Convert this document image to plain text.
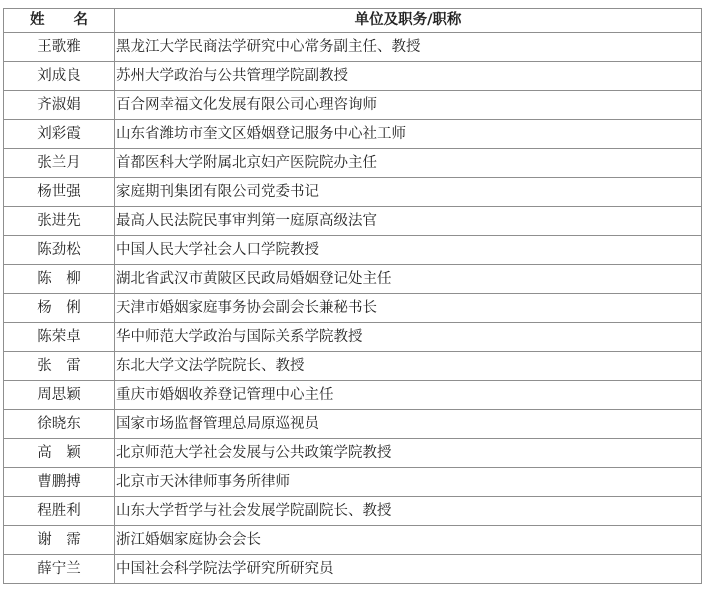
姓　　名	单位及职务/职称
王歌雅	黑龙江大学民商法学研究中心常务副主任、教授
刘成良	苏州大学政治与公共管理学院副教授
齐淑娟	百合网幸福文化发展有限公司心理咨询师
刘彩霞	山东省潍坊市奎文区婚姻登记服务中心社工师
张兰月	首都医科大学附属北京妇产医院院办主任
杨世强	家庭期刊集团有限公司党委书记
张进先	最高人民法院民事审判第一庭原高级法官
陈劲松	中国人民大学社会人口学院教授
陈　柳	湖北省武汉市黄陂区民政局婚姻登记处主任
杨　俐	天津市婚姻家庭事务协会副会长兼秘书长
陈荣卓	华中师范大学政治与国际关系学院教授
张　雷	东北大学文法学院院长、教授
周思颖	重庆市婚姻收养登记管理中心主任
徐晓东	国家市场监督管理总局原巡视员
高　颖	北京师范大学社会发展与公共政策学院教授
曹鹏搏	北京市天沐律师事务所律师
程胜利	山东大学哲学与社会发展学院副院长、教授
谢　霈	浙江婚姻家庭协会会长
薛宁兰	中国社会科学院法学研究所研究员
